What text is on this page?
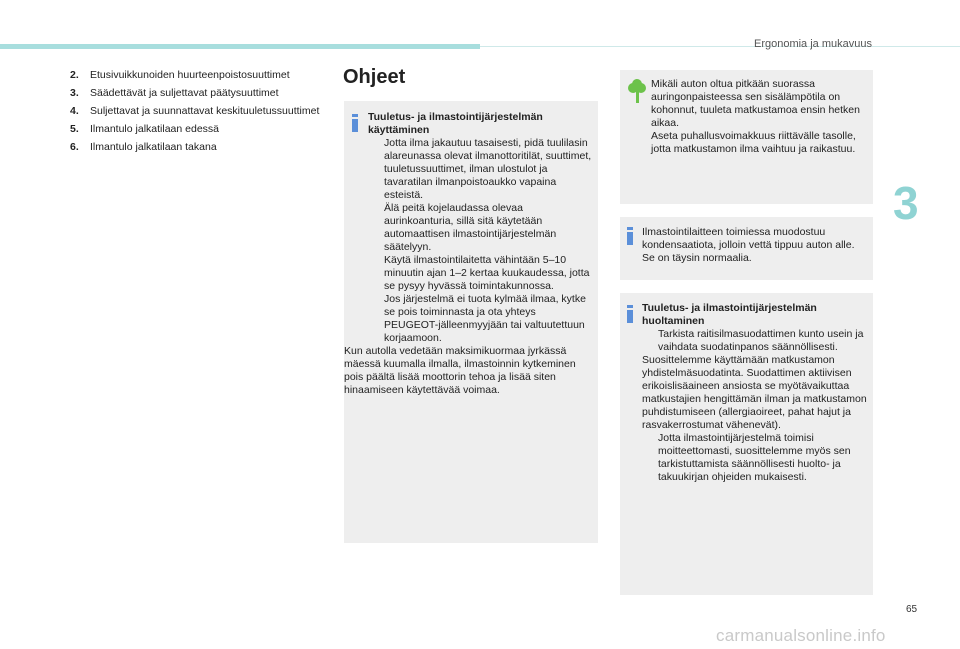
Ergonomia ja mukavuus
3
2.	Etusivuikkunoiden huurteenpoistosuuttimet
3.	Säädettävät ja suljettavat päätysuuttimet
4.	Suljettavat ja suunnattavat keskituuletussuuttimet
5.	Ilmantulo jalkatilaan edessä
6.	Ilmantulo jalkatilaan takana
Ohjeet
Tuuletus- ja ilmastointijärjestelmän käyttäminen
Jotta ilma jakautuu tasaisesti, pidä tuulilasin alareunassa olevat ilmanottoritilät, suuttimet, tuuletussuuttimet, ilman ulostulot ja tavaratilan ilmanpoistoaukko vapaina esteistä.
Älä peitä kojelaudassa olevaa aurinkoanturia, sillä sitä käytetään automaattisen ilmastointijärjestelmän säätelyyn.
Käytä ilmastointilaitetta vähintään 5–10 minuutin ajan 1–2 kertaa kuukaudessa, jotta se pysyy hyvässä toimintakunnossa.
Jos järjestelmä ei tuota kylmää ilmaa, kytke se pois toiminnasta ja ota yhteys PEUGEOT-jälleenmyyjään tai valtuutettuun korjaamoon.
Kun autolla vedetään maksimikuormaa jyrkässä mäessä kuumalla ilmalla, ilmastoinnin kytkeminen pois päältä lisää moottorin tehoa ja lisää siten hinaamiseen käytettävää voimaa.
Mikäli auton oltua pitkään suorassa auringonpaisteessa sen sisälämpötila on kohonnut, tuuleta matkustamoa ensin hetken aikaa.
Aseta puhallusvoimakkuus riittävälle tasolle, jotta matkustamon ilma vaihtuu ja raikastuu.
Ilmastointilaitteen toimiessa muodostuu kondensaatiota, jolloin vettä tippuu auton alle. Se on täysin normaalia.
Tuuletus- ja ilmastointijärjestelmän huoltaminen
Tarkista raitisilmasuodattimen kunto usein ja vaihdata suodatinpanos säännöllisesti.
Suosittelemme käyttämään matkustamon yhdistelmäsuodatinta. Suodattimen aktiivisen erikoislisäaineen ansiosta se myötävaikuttaa matkustajien hengittämän ilman ja matkustamon puhdistumiseen (allergiaoireet, pahat hajut ja rasvakerrostumat vähenevät).
Jotta ilmastointijärjestelmä toimisi moitteettomasti, suosittelemme myös sen tarkistuttamista säännöllisesti huolto- ja takuukirjan ohjeiden mukaisesti.
65
carmanualsonline.info
